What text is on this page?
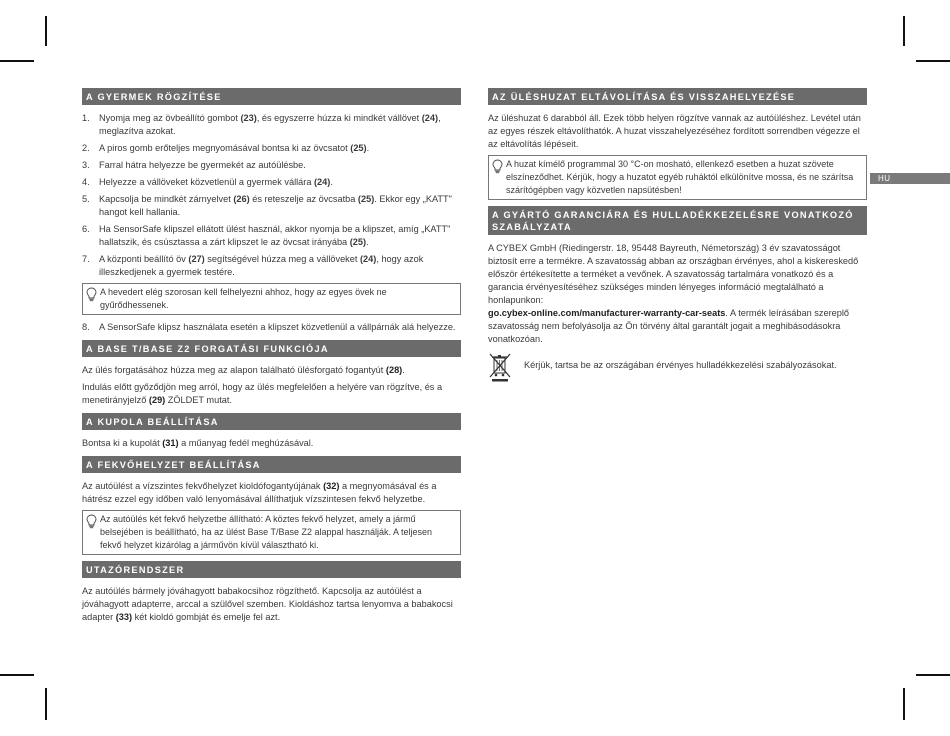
HU
A GYERMEK RÖGZÍTÉSE
1. Nyomja meg az övbeállító gombot (23), és egyszerre húzza ki mindkét vállövet (24), meglazítva azokat.
2. A piros gomb erőteljes megnyomásával bontsa ki az övcsatot (25).
3. Farral hátra helyezze be gyermekét az autóülésbe.
4. Helyezze a vállöveket közvetlenül a gyermek vállára (24).
5. Kapcsolja be mindkét zárnyelvet (26) és reteszelje az övcsatba (25). Ekkor egy „KATT" hangot kell hallania.
6. Ha SensorSafe klipszel ellátott ülést használ, akkor nyomja be a klipszet, amíg „KATT" hallatszik, és csúsztassa a zárt klipszet le az övcsat irányába (25).
7. A központi beállító öv (27) segítségével húzza meg a vállöveket (24), hogy azok illeszkedjenek a gyermek testére.
A hevedert elég szorosan kell felhelyezni ahhoz, hogy az egyes övek ne gyűrődhessenek.
8. A SensorSafe klipsz használata esetén a klipszet közvetlenül a vállpárnák alá helyezze.
A BASE T/BASE Z2 FORGATÁSI FUNKCIÓJA

Az ülés forgatásához húzza meg az alapon található ülésforgató fogantyút (28).

Indulás előtt győződjön meg arról, hogy az ülés megfelelően a helyére van rögzítve, és a menetirányjelző (29) ZÖLDET mutat.

A KUPOLA BEÁLLÍTÁSA

Bontsa ki a kupolát (31) a műanyag fedél meghúzásával.

A FEKVŐHELYZET BEÁLLÍTÁSA

Az autóülést a vízszintes fekvőhelyzet kioldófogantyújának (32) a megnyomásával és a hátrész ezzel egy időben való lenyomásával állíthatjuk vízszintesen fekvő helyzetbe.

Az autóülés két fekvő helyzetbe állítható: A köztes fekvő helyzet, amely a jármű belsejében is beállítható, ha az ülést Base T/Base Z2 alappal használják. A teljesen fekvő helyzet kizárólag a járművön kívül választható ki.
UTAZÓRENDSZER

Az autóülés bármely jóváhagyott babakocsihoz rögzíthető. Kapcsolja az autóülést a jóváhagyott adapterre, arccal a szülővel szemben. Kioldáshoz tartsa lenyomva a babakocsi adapter (33) két kioldó gombját és emelje fel azt.

AZ ÜLÉSHUZAT ELTÁVOLÍTÁSA ÉS VISSZAHELYEZÉSE

Az üléshuzat 6 darabból áll. Ezek több helyen rögzítve vannak az autóüléshez. Levétel után az egyes részek eltávolíthatók. A huzat visszahelyezéséhez fordított sorrendben végezze el az eltávolítás lépéseit.

A huzat kímélő programmal 30 °C-on mosható, ellenkező esetben a huzat szövete elszíneződhet. Kérjük, hogy a huzatot egyéb ruháktól elkülönítve mossa, és ne szárítsa szárítógépben vagy közvetlen napsütésben!
A GYÁRTÓ GARANCIÁRA ÉS HULLADÉKKEZELÉSRE VONATKOZÓ SZABÁLYZATA

A CYBEX GmbH (Riedingerstr. 18, 95448 Bayreuth, Németország) 3 év szavatosságot biztosít erre a termékre. A szavatosság abban az országban érvényes, ahol a kiskereskedő először értékesítette a terméket a vevőnek. A szavatosság tartalmára vonatkozó és a garancia érvényesítéséhez szükséges minden lényeges információ megtalálható a honlapunkon:
go.cybex-online.com/manufacturer-warranty-car-seats. A termék leírásában szereplő szavatosság nem befolyásolja az Ön törvény által garantált jogait a meghibásodásokra vonatkozóan.

Kérjük, tartsa be az országában érvényes hulladékkezelési szabályozásokat.
